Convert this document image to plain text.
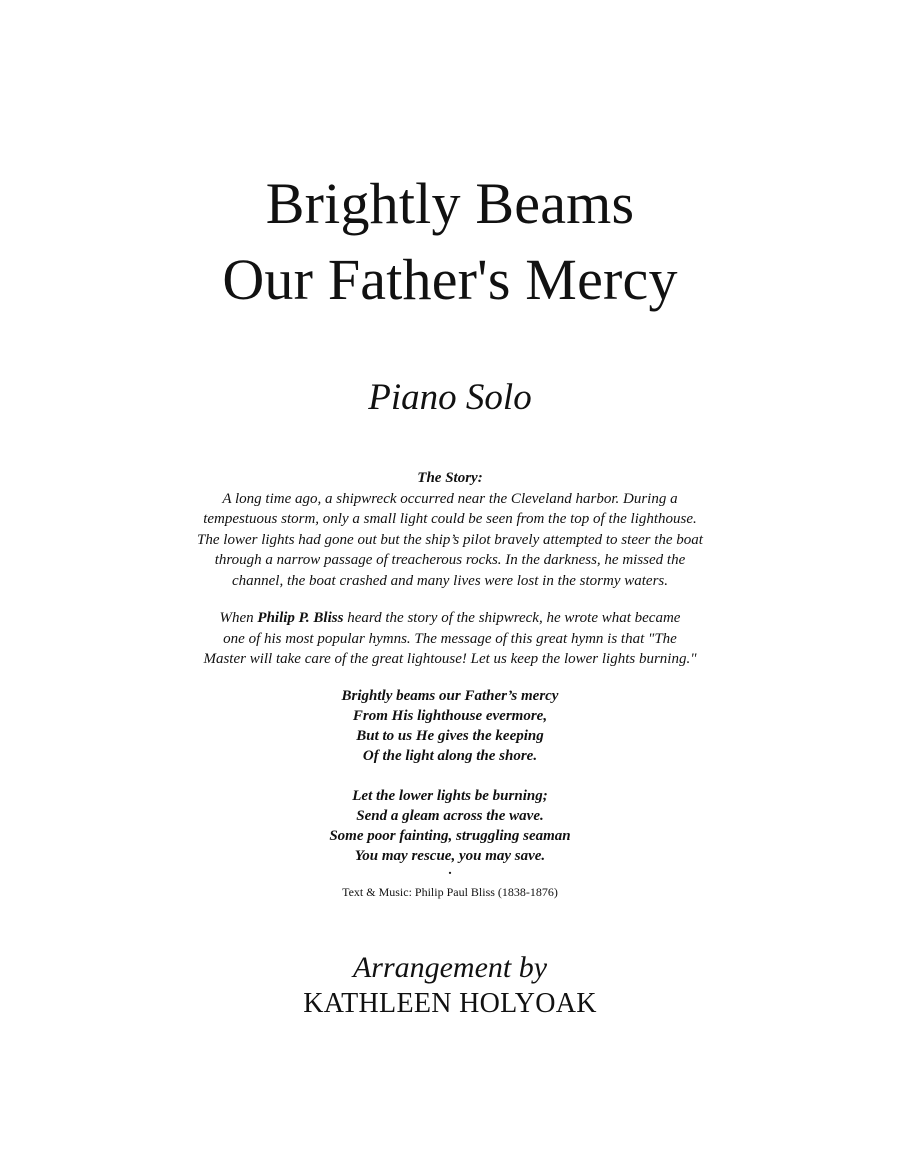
Brightly Beams
Our Father's Mercy
Piano Solo
The Story:
A long time ago, a shipwreck occurred near the Cleveland harbor. During a
tempestuous storm, only a small light could be seen from the top of the lighthouse.
The lower lights had gone out but the ship’s pilot bravely attempted to steer the boat
through a narrow passage of treacherous rocks. In the darkness, he missed the
channel, the boat crashed and many lives were lost in the stormy waters.
When Philip P. Bliss heard the story of the shipwreck, he wrote what became
one of his most popular hymns. The message of this great hymn is that "The
Master will take care of the great lightouse! Let us keep the lower lights burning."
Brightly beams our Father’s mercy
From His lighthouse evermore,
But to us He gives the keeping
Of the light along the shore.
Let the lower lights be burning;
Send a gleam across the wave.
Some poor fainting, struggling seaman
You may rescue, you may save.
.
Text & Music: Philip Paul Bliss (1838-1876)
Arrangement by
KATHLEEN HOLYOAK
